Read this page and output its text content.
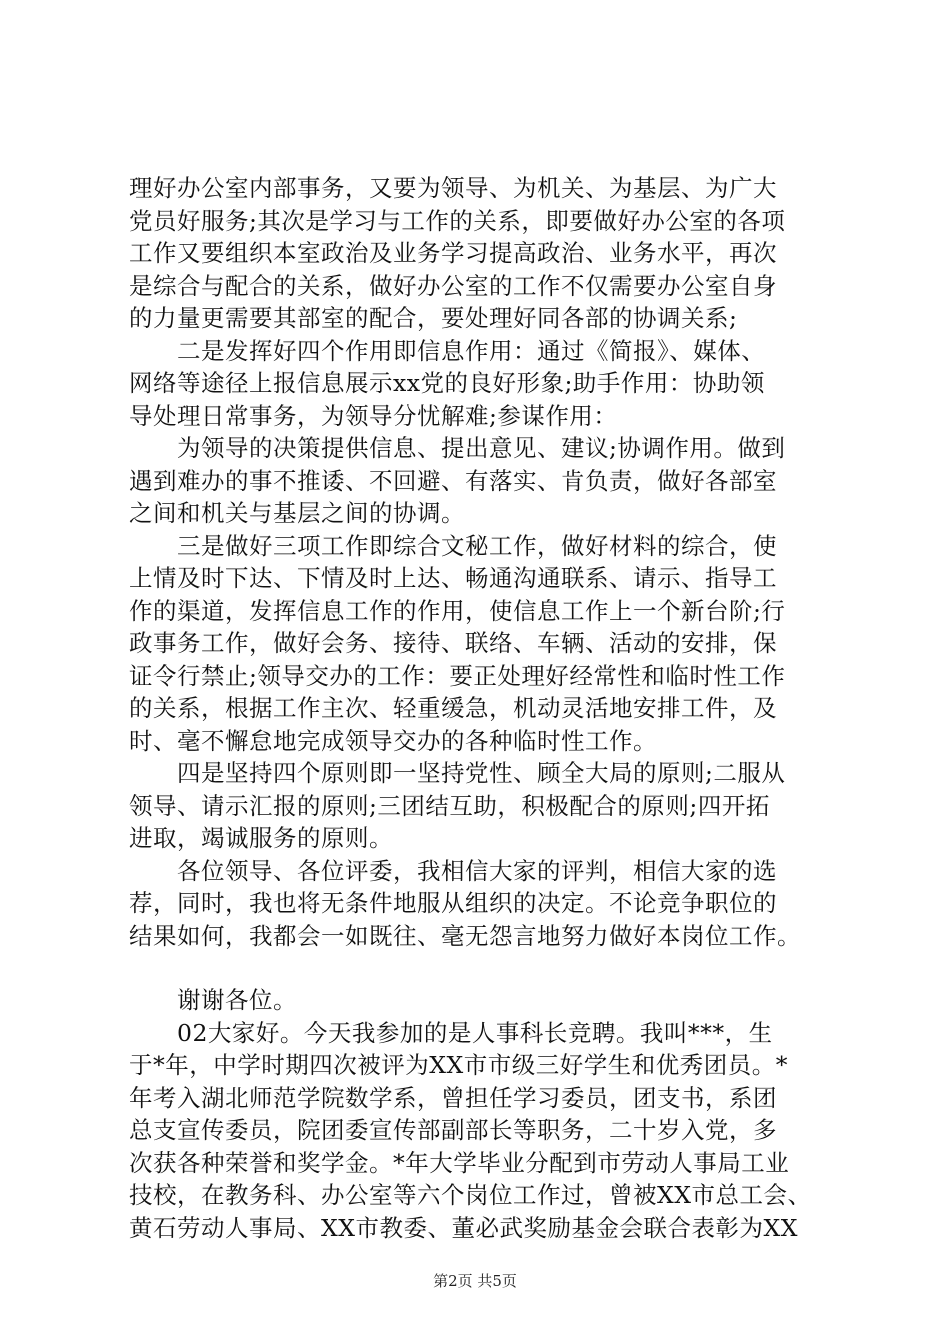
理好办公室内部事务，又要为领导、为机关、为基层、为广大
党员好服务;其次是学习与工作的关系，即要做好办公室的各项
工作又要组织本室政治及业务学习提高政治、业务水平，再次
是综合与配合的关系，做好办公室的工作不仅需要办公室自身
的力量更需要其部室的配合，要处理好同各部的协调关系;

　　二是发挥好四个作用即信息作用：通过《简报》、媒体、
网络等途径上报信息展示xx党的良好形象;助手作用：协助领
导处理日常事务，为领导分忧解难;参谋作用：

　　为领导的决策提供信息、提出意见、建议;协调作用。做到
遇到难办的事不推诿、不回避、有落实、肯负责，做好各部室
之间和机关与基层之间的协调。

　　三是做好三项工作即综合文秘工作，做好材料的综合，使
上情及时下达、下情及时上达、畅通沟通联系、请示、指导工
作的渠道，发挥信息工作的作用，使信息工作上一个新台阶;行
政事务工作，做好会务、接待、联络、车辆、活动的安排，保
证令行禁止;领导交办的工作：要正处理好经常性和临时性工作
的关系，根据工作主次、轻重缓急，机动灵活地安排工件，及
时、毫不懈怠地完成领导交办的各种临时性工作。

　　四是坚持四个原则即一坚持党性、顾全大局的原则;二服从
领导、请示汇报的原则;三团结互助，积极配合的原则;四开拓
进取，竭诚服务的原则。

　　各位领导、各位评委，我相信大家的评判，相信大家的选
荐，同时，我也将无条件地服从组织的决定。不论竞争职位的
结果如何，我都会一如既往、毫无怨言地努力做好本岗位工作。

　　谢谢各位。

　　02大家好。今天我参加的是人事科长竞聘。我叫***，生
于*年，中学时期四次被评为XX市市级三好学生和优秀团员。*
年考入湖北师范学院数学系，曾担任学习委员，团支书，系团
总支宣传委员，院团委宣传部副部长等职务，二十岁入党，多
次获各种荣誉和奖学金。*年大学毕业分配到市劳动人事局工业
技校，在教务科、办公室等六个岗位工作过，曾被XX市总工会、
黄石劳动人事局、XX市教委、董必武奖励基金会联合表彰为XX

第2页 共5页
